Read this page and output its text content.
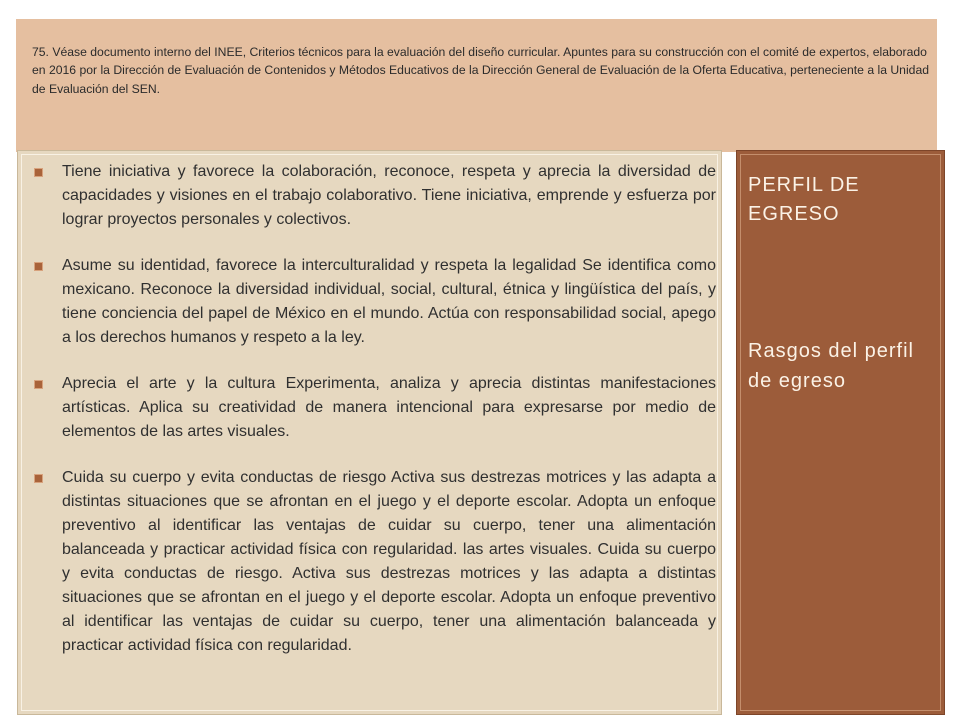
75. Véase documento interno del INEE, Criterios técnicos para la evaluación del diseño curricular. Apuntes para su construcción con el comité de expertos, elaborado en 2016 por la Dirección de Evaluación de Contenidos y Métodos Educativos de la Dirección General de Evaluación de la Oferta Educativa, perteneciente a la Unidad de Evaluación del SEN.
Tiene iniciativa y favorece la colaboración, reconoce, respeta y aprecia la diversidad de capacidades y visiones en el trabajo colaborativo. Tiene iniciativa, emprende y esfuerza por lograr proyectos personales y colectivos.
Asume su identidad, favorece la interculturalidad y respeta la legalidad Se identifica como mexicano. Reconoce la diversidad individual, social, cultural, étnica y lingüística del país, y tiene conciencia del papel de México en el mundo. Actúa con responsabilidad social, apego a los derechos humanos y respeto a la ley.
Aprecia el arte y la cultura Experimenta, analiza y aprecia distintas manifestaciones artísticas. Aplica su creatividad de manera intencional para expresarse por medio de elementos de las artes visuales.
Cuida su cuerpo y evita conductas de riesgo Activa sus destrezas motrices y las adapta a distintas situaciones que se afrontan en el juego y el deporte escolar. Adopta un enfoque preventivo al identificar las ventajas de cuidar su cuerpo, tener una alimentación balanceada y practicar actividad física con regularidad. las artes visuales. Cuida su cuerpo y evita conductas de riesgo. Activa sus destrezas motrices y las adapta a distintas situaciones que se afrontan en el juego y el deporte escolar. Adopta un enfoque preventivo al identificar las ventajas de cuidar su cuerpo, tener una alimentación balanceada y practicar actividad física con regularidad.
PERFIL DE EGRESO
Rasgos del perfil de egreso
